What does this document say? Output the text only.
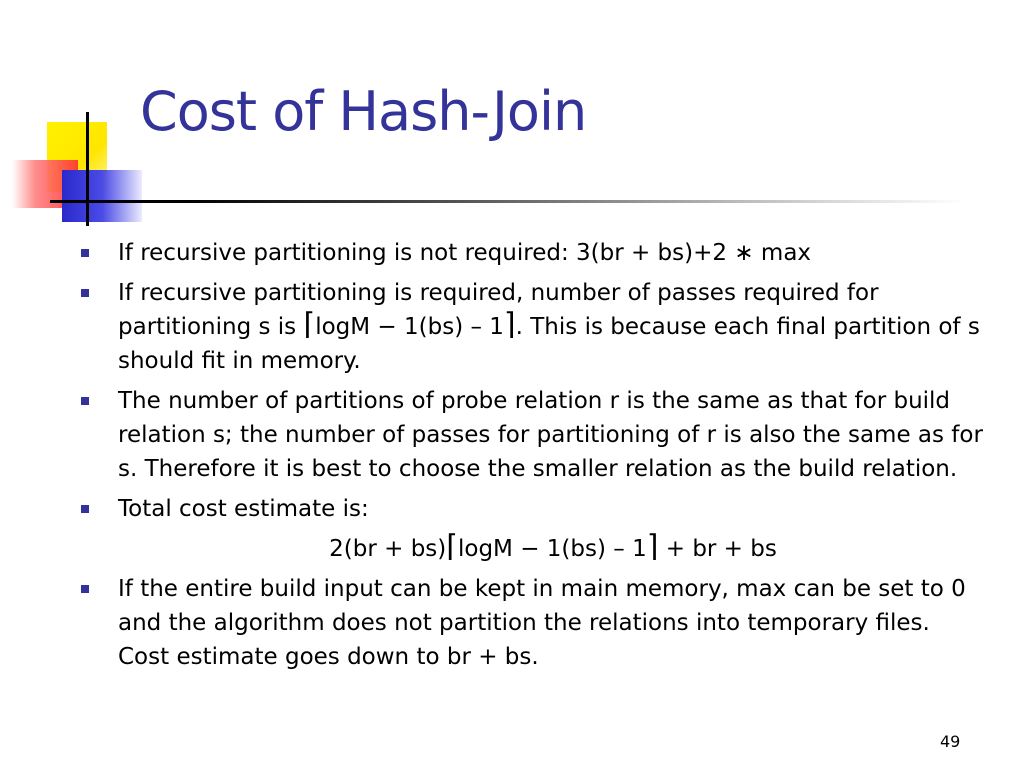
Cost of Hash-Join
If recursive partitioning is not required: 3(br + bs)+2 ∗ max
If recursive partitioning is required, number of passes required for partitioning s is ⌈logM − 1(bs) – 1⌉. This is because each final partition of s should fit in memory.
The number of partitions of probe relation r is the same as that for build relation s; the number of passes for partitioning of r is also the same as for s. Therefore it is best to choose the smaller relation as the build relation.
Total cost estimate is:
2(br + bs)⌈logM − 1(bs) – 1⌉ + br + bs
If the entire build input can be kept in main memory, max can be set to 0 and the algorithm does not partition the relations into temporary files. Cost estimate goes down to br + bs.
49
